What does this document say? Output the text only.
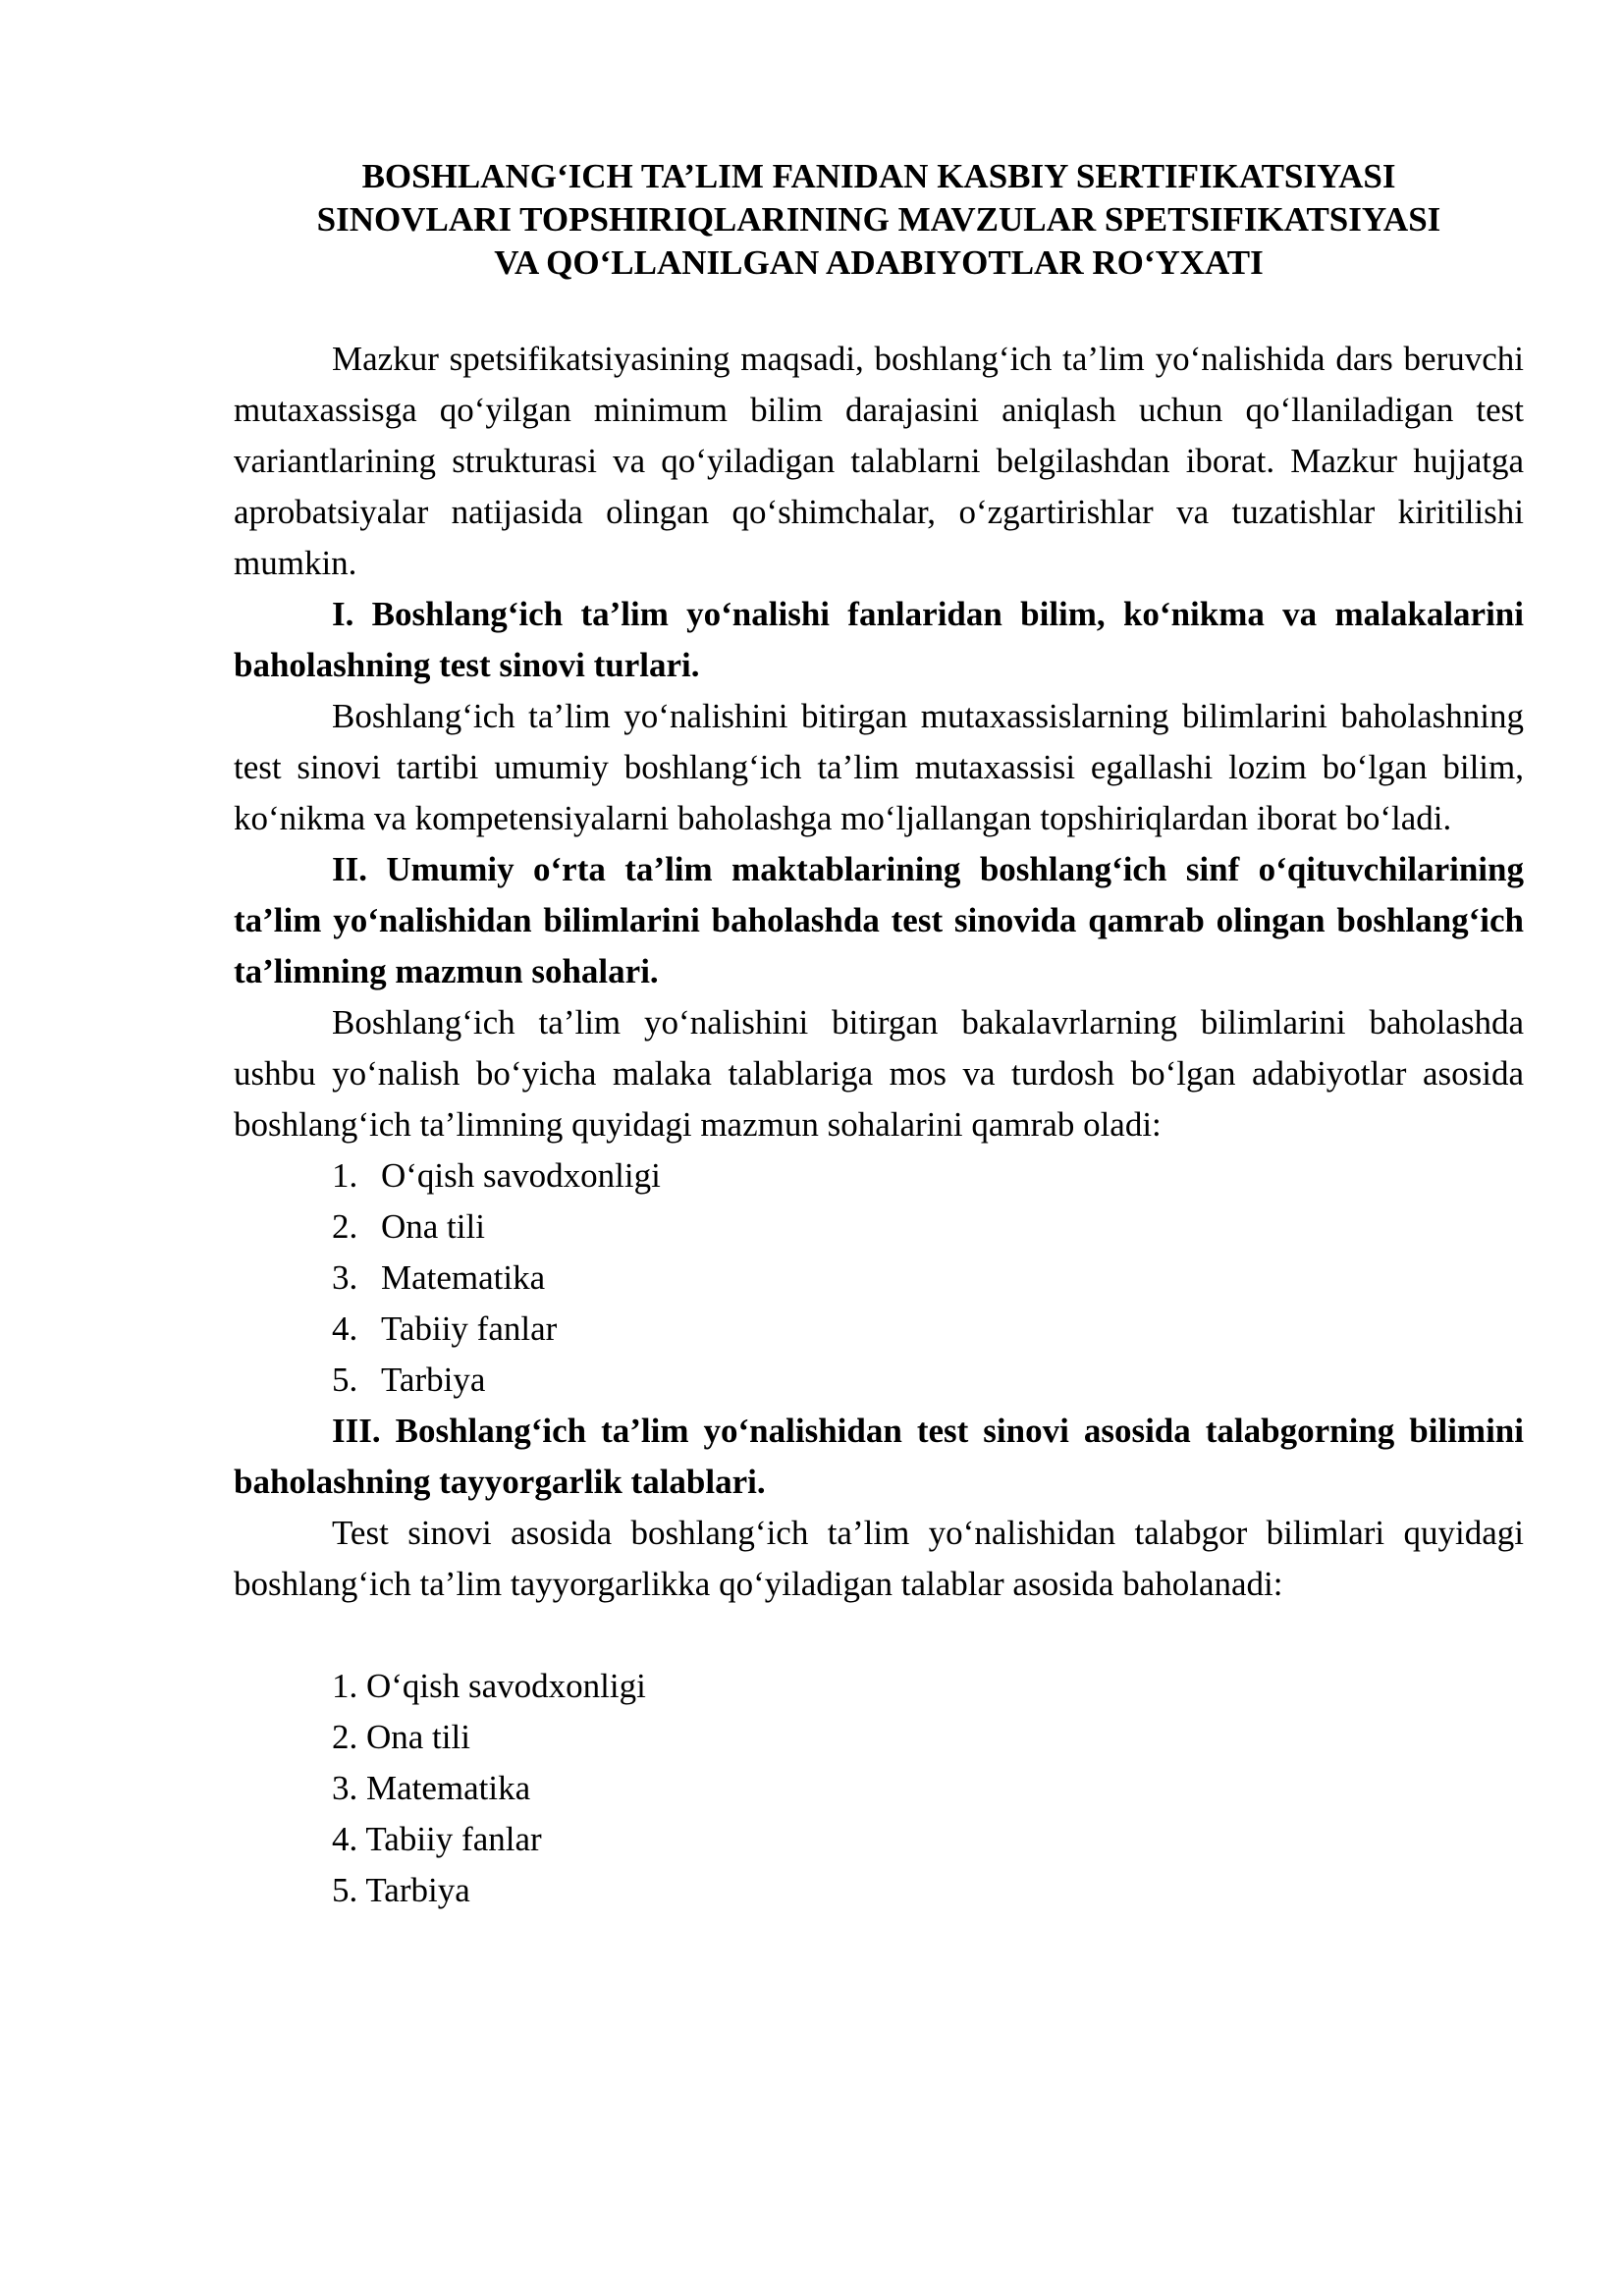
BOSHLANG‘ICH TA’LIM FANIDAN KASBIY SERTIFIKATSIYASI
SINOVLARI TOPSHIRIQLARINING MAVZULAR SPETSIFIKATSIYASI
VA QO‘LLANILGAN ADABIYOTLAR RO‘YXATI

Mazkur spetsifikatsiyasining maqsadi, boshlang‘ich ta’lim yo‘nalishida dars beruvchi mutaxassisga qo‘yilgan minimum bilim darajasini aniqlash uchun qo‘llaniladigan test variantlarining strukturasi va qo‘yiladigan talablarni belgilashdan iborat. Mazkur hujjatga aprobatsiyalar natijasida olingan qo‘shimchalar, o‘zgartirishlar va tuzatishlar kiritilishi mumkin.

I. Boshlang‘ich ta’lim yo‘nalishi fanlaridan bilim, ko‘nikma va malakalarini baholashning test sinovi turlari.

Boshlang‘ich ta’lim yo‘nalishini bitirgan mutaxassislarning bilimlarini baholashning test sinovi tartibi umumiy boshlang‘ich ta’lim mutaxassisi egallashi lozim bo‘lgan bilim, ko‘nikma va kompetensiyalarni baholashga mo‘ljallangan topshiriqlardan iborat bo‘ladi.

II. Umumiy o‘rta ta’lim maktablarining boshlang‘ich sinf o‘qituvchilarining ta’lim yo‘nalishidan bilimlarini baholashda test sinovida qamrab olingan boshlang‘ich ta’limning mazmun sohalari.

Boshlang‘ich ta’lim yo‘nalishini bitirgan bakalavrlarning bilimlarini baholashda ushbu yo‘nalish bo‘yicha malaka talablariga mos va turdosh bo‘lgan adabiyotlar asosida boshlang‘ich ta’limning quyidagi mazmun sohalarini qamrab oladi:

1. O‘qish savodxonligi
2. Ona tili
3. Matematika
4. Tabiiy fanlar
5. Tarbiya

III. Boshlang‘ich ta’lim yo‘nalishidan test sinovi asosida talabgorning bilimini baholashning tayyorgarlik talablari.

Test sinovi asosida boshlang‘ich ta’lim yo‘nalishidan talabgor bilimlari quyidagi boshlang‘ich ta’lim tayyorgarlikka qo‘yiladigan talablar asosida baholanadi:

1. O‘qish savodxonligi
2. Ona tili
3. Matematika
4. Tabiiy fanlar
5. Tarbiya
